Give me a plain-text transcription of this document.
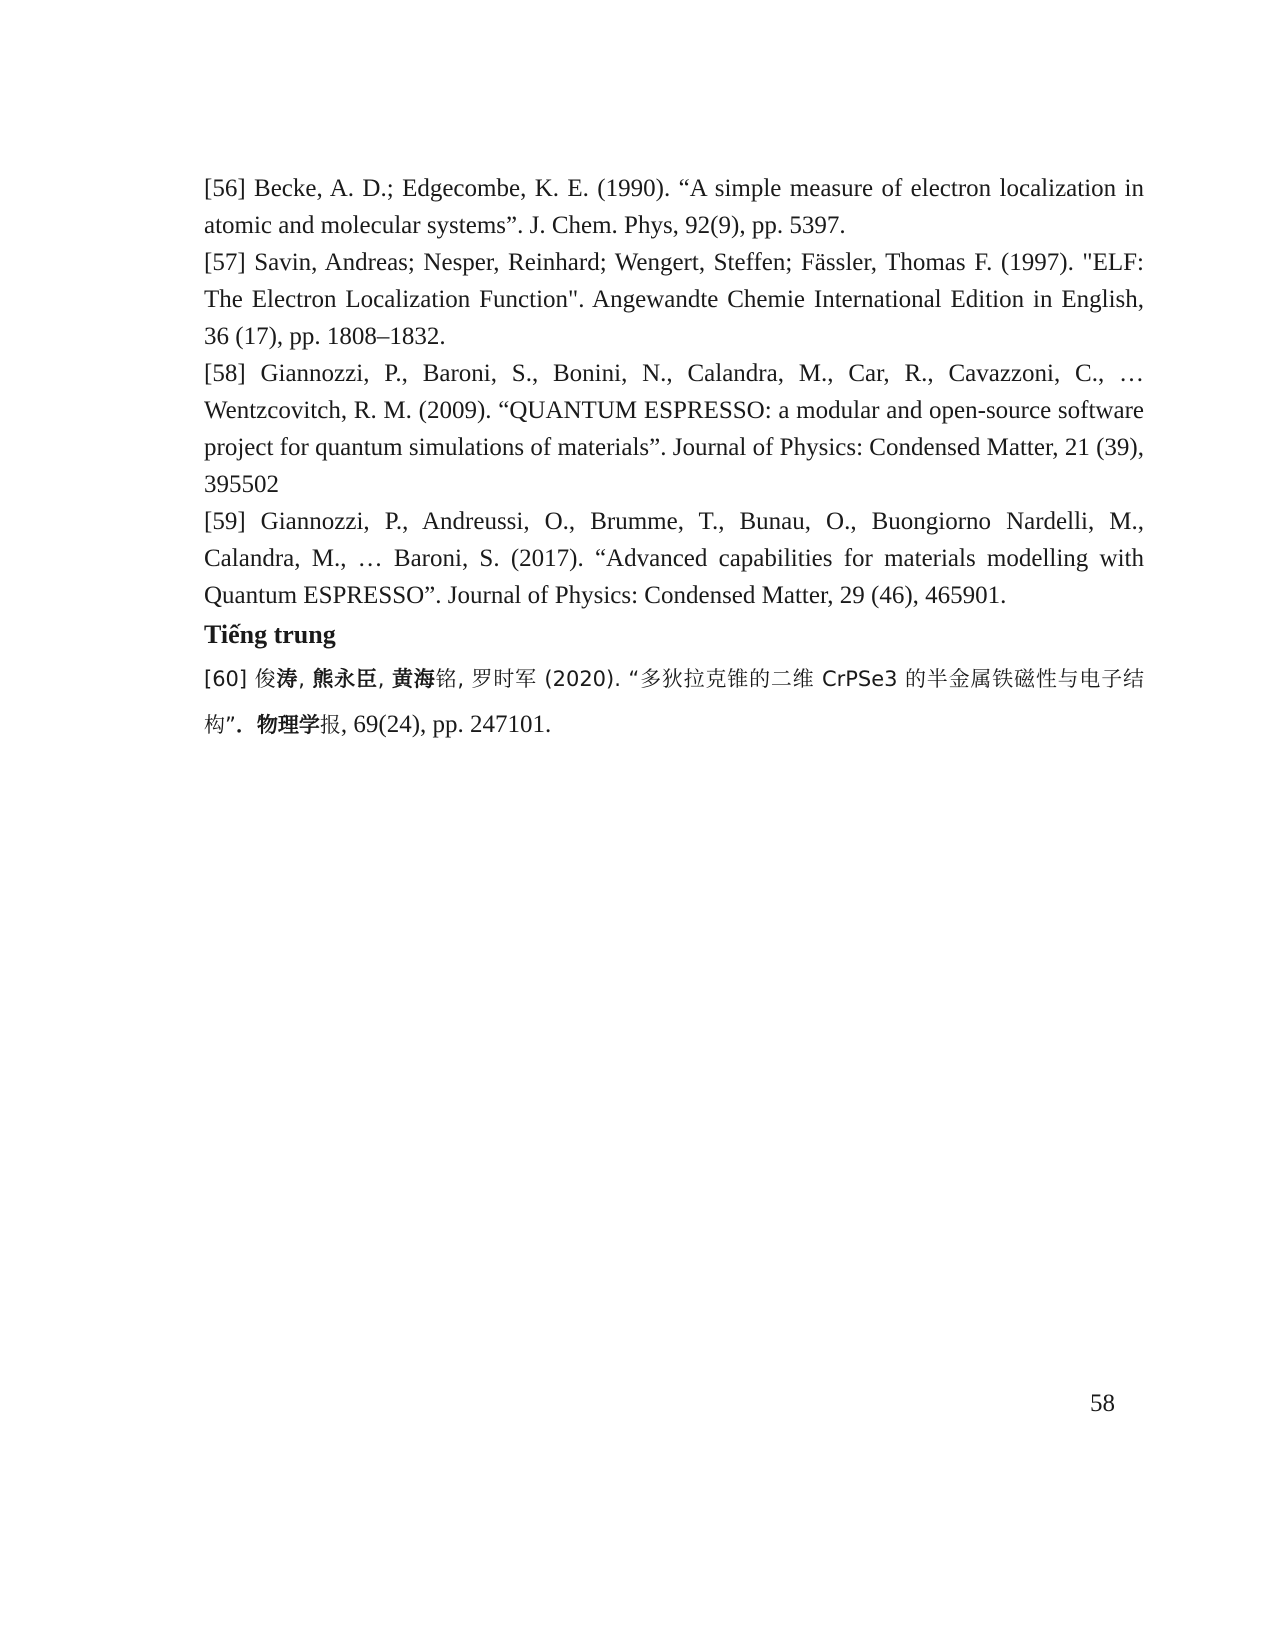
[56] Becke, A. D.; Edgecombe, K. E. (1990). “A simple measure of electron localization in atomic and molecular systems”. J. Chem. Phys, 92(9), pp. 5397.

[57] Savin, Andreas; Nesper, Reinhard; Wengert, Steffen; Fässler, Thomas F. (1997). "ELF: The Electron Localization Function". Angewandte Chemie International Edition in English, 36 (17), pp. 1808–1832.

[58] Giannozzi, P., Baroni, S., Bonini, N., Calandra, M., Car, R., Cavazzoni, C., … Wentzcovitch, R. M. (2009). “QUANTUM ESPRESSO: a modular and open-source software project for quantum simulations of materials”. Journal of Physics: Condensed Matter, 21 (39), 395502

[59] Giannozzi, P., Andreussi, O., Brumme, T., Bunau, O., Buongiorno Nardelli, M., Calandra, M., … Baroni, S. (2017). “Advanced capabilities for materials modelling with Quantum ESPRESSO”. Journal of Physics: Condensed Matter, 29 (46), 465901.

Tiếng trung

[60] 俊涛, 熊永臣, 黄海铭, 罗时军 (2020). “多狄拉克锥的二维 CrPSe3 的半金属铁磁性与电子结构”．物理学报, 69(24), pp. 247101.

58
